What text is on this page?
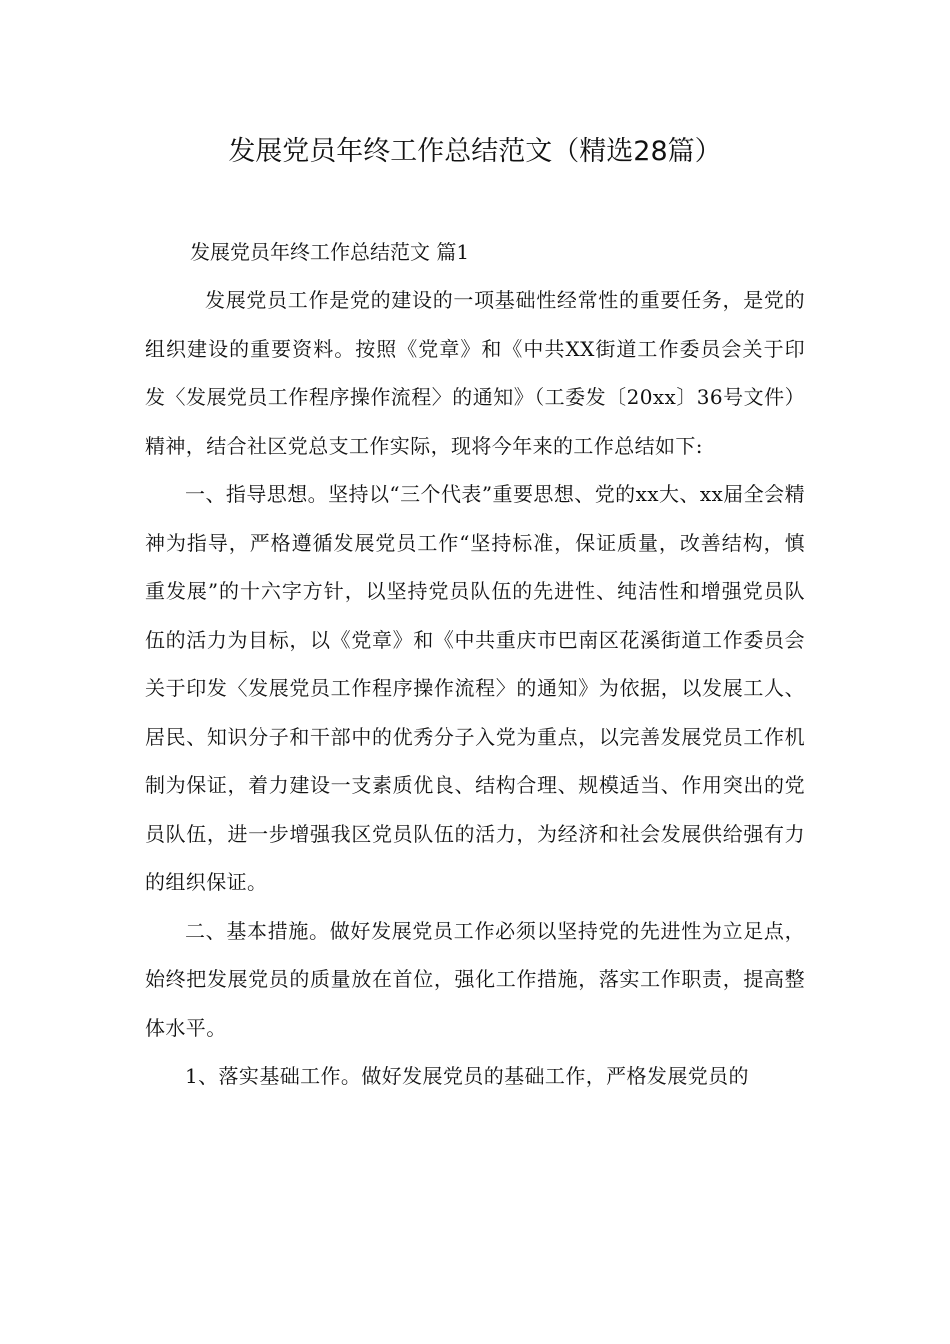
发展党员年终工作总结范文（精选28篇）

发展党员年终工作总结范文 篇1

发展党员工作是党的建设的一项基础性经常性的重要任务，是党的组织建设的重要资料。按照《党章》和《中共XX街道工作委员会关于印发〈发展党员工作程序操作流程〉的通知》（工委发〔20xx〕36号文件）精神，结合社区党总支工作实际，现将今年来的工作总结如下:

一、指导思想。坚持以“三个代表”重要思想、党的xx大、xx届全会精神为指导，严格遵循发展党员工作“坚持标准，保证质量，改善结构，慎重发展”的十六字方针，以坚持党员队伍的先进性、纯洁性和增强党员队伍的活力为目标，以《党章》和《中共重庆市巴南区花溪街道工作委员会关于印发〈发展党员工作程序操作流程〉的通知》为依据，以发展工人、居民、知识分子和干部中的优秀分子入党为重点，以完善发展党员工作机制为保证，着力建设一支素质优良、结构合理、规模适当、作用突出的党员队伍，进一步增强我区党员队伍的活力，为经济和社会发展供给强有力的组织保证。

二、基本措施。做好发展党员工作必须以坚持党的先进性为立足点，始终把发展党员的质量放在首位，强化工作措施，落实工作职责，提高整体水平。

1、落实基础工作。做好发展党员的基础工作，严格发展党员的
